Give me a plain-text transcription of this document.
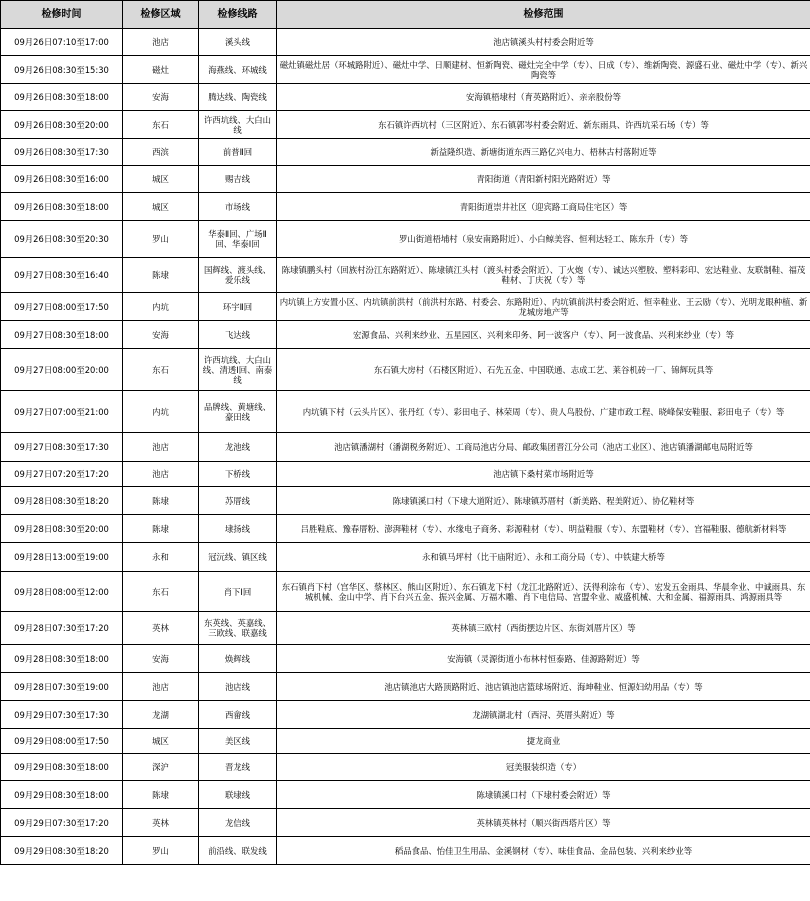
检修时间	检修区域	检修线路	检修范围
09月26日07:10至17:00	池店	溪头线	池店镇溪头村村委会附近等
09月26日08:30至15:30	磁灶	海燕线、环城线	磁灶镇磁灶居（环城路附近）、磁灶中学、日顺建材、恒新陶瓷、磁灶完全中学（专）、日成（专）、维新陶瓷、源盛石业、磁灶中学（专）、新兴陶瓷等
09月26日08:30至18:00	安海	腾达线、陶瓷线	安海镇梧埭村（育英路附近）、亲亲股份等
09月26日08:30至20:00	东石	许西坑线、大白山线	东石镇许西坑村（三区附近）、东石镇郭岑村委会附近、新东雨具、许西坑采石场（专）等
09月26日08:30至17:30	西滨	前普Ⅱ回	新益隆织造、新塘街道东西三路亿兴电力、梧林古村落附近等
09月26日08:30至16:00	城区	赐吉线	青阳街道（青阳新村阳光路附近）等
09月26日08:30至18:00	城区	市场线	青阳街道崇井社区（迎宾路工商局住宅区）等
09月26日08:30至20:30	罗山	华泰Ⅱ回、广场Ⅱ回、华泰Ⅰ回	罗山街道梧埔村（泉安南路附近）、小白鲸美容、恒利达轻工、陈东升（专）等
09月27日08:30至16:40	陈埭	国辉线、渡头线、爱乐线	陈埭镇鹏头村（回族村汾江东路附近）、陈埭镇江头村（渡头村委会附近）、丁火炮（专）、诚达兴塑胶、塑料彩印、宏达鞋业、友联制鞋、福茂鞋材、丁庆祝（专）等
09月27日08:00至17:50	内坑	环宇Ⅱ回	内坑镇上方安置小区、内坑镇前洪村（前洪村东路、村委会、东路附近）、内坑镇前洪村委会附近、恒幸鞋业、王云励（专）、光明龙眼种植、新龙城房地产等
09月27日08:30至18:00	安海	飞达线	宏源食品、兴利来纱业、五星园区、兴利来印务、阿一波客户（专）、阿一波食品、兴利来纱业（专）等
09月27日08:00至20:00	东石	许西坑线、大白山线、清透Ⅰ回、南泰线	东石镇大房村（石楼区附近）、石先五金、中国联通、志成工艺、莱谷机砖一厂、锦辉玩具等
09月27日07:00至21:00	内坑	品牌线、黄塘线、豪田线	内坑镇下村（云头片区）、张丹红（专）、彩田电子、林荣周（专）、贵人鸟股份、广建市政工程、晓峰保安鞋服、彩田电子（专）等
09月27日08:30至17:30	池店	龙池线	池店镇潘湖村（潘湖税务附近）、工商局池店分局、邮政集团晋江分公司（池店工业区）、池店镇潘湖邮电局附近等
09月27日07:20至17:20	池店	下桥线	池店镇下桑村菜市场附近等
09月28日08:30至18:20	陈埭	苏厝线	陈埭镇溪口村（下埭大道附近）、陈埭镇苏厝村（新美路、程美附近）、协亿鞋材等
09月28日08:30至20:00	陈埭	埭扬线	吕胜鞋底、豫春厝粉、澎湃鞋材（专）、水缘电子商务、彩源鞋材（专）、明益鞋服（专）、东盟鞋材（专）、宫福鞋服、德航新材料等
09月28日13:00至19:00	永和	冠沅线、镇区线	永和镇马坪村（比干庙附近）、永和工商分局（专）、中铁建大桥等
09月28日08:00至12:00	东石	肖下Ⅰ回	东石镇肖下村（宫华区、蔡林区、熊山区附近）、东石镇龙下村（龙江北路附近）、沃得利涂布（专）、宏发五金雨具、华晨伞业、中诚雨具、东城机械、金山中学、肖下台兴五金、振兴金属、万福木雕、肖下电信局、宫盟伞业、威盛机械、大和金属、福源雨具、鸿源雨具等
09月28日07:30至17:20	英林	东英线、英嘉线、三欧线、联嘉线	英林镇三欧村（西街摆边片区、东街刘厝片区）等
09月28日08:30至18:00	安海	焕辉线	安海镇（灵源街道小布林村恒泰路、佳源路附近）等
09月28日07:30至19:00	池店	池店线	池店镇池店大路顶路附近、池店镇池店篮球场附近、海坤鞋业、恒源妇幼用品（专）等
09月29日07:30至17:30	龙湖	西畲线	龙湖镇湖北村（西浔、英厝头附近）等
09月29日08:00至17:50	城区	美区线	捷龙商业
09月29日08:30至18:00	深沪	晋龙线	冠美服装织造（专）
09月29日08:30至18:00	陈埭	联埭线	陈埭镇溪口村（下埭村委会附近）等
09月29日07:30至17:20	英林	龙信线	英林镇英林村（顺兴街西塔片区）等
09月29日08:30至18:20	罗山	前沿线、联发线	稻品食品、怡佳卫生用品、金溪钢材（专）、味佳食品、金品包装、兴利来纱业等
